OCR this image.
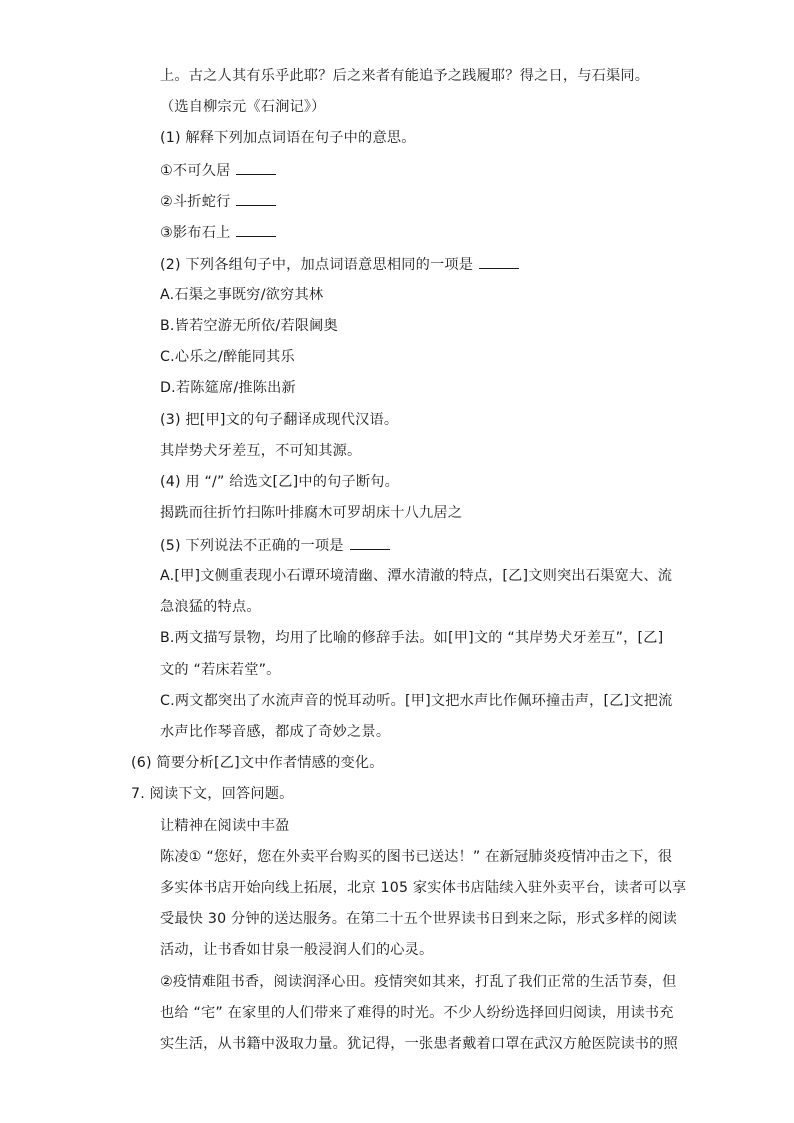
上。古之人其有乐乎此耶？后之来者有能追予之践履耶？得之日，与石渠同。
（选自柳宗元《石涧记》）
(1) 解释下列加点词语在句子中的意思。
①不可久居
②斗折蛇行
③影布石上
(2) 下列各组句子中，加点词语意思相同的一项是
A.石渠之事既穷/欲穷其林
B.皆若空游无所依/若限阃奥
C.心乐之/醉能同其乐
D.若陈筵席/推陈出新
(3) 把[甲]文的句子翻译成现代汉语。
其岸势犬牙差互，不可知其源。
(4) 用 “/” 给选文[乙]中的句子断句。
揭跣而往折竹扫陈叶排腐木可罗胡床十八九居之
(5) 下列说法不正确的一项是
A.[甲]文侧重表现小石谭环境清幽、潭水清澈的特点，[乙]文则突出石渠宽大、流
急浪猛的特点。
B.两文描写景物，均用了比喻的修辞手法。如[甲]文的 “其岸势犬牙差互”，[乙]
文的 “若床若堂”。
C.两文都突出了水流声音的悦耳动听。[甲]文把水声比作佩环撞击声，[乙]文把流
水声比作琴音感，都成了奇妙之景。
(6) 简要分析[乙]文中作者情感的变化。
7. 阅读下文，回答问题。
让精神在阅读中丰盈
陈凌① “您好，您在外卖平台购买的图书已送达！” 在新冠肺炎疫情冲击之下，很
多实体书店开始向线上拓展，北京 105 家实体书店陆续入驻外卖平台，读者可以享
受最快 30 分钟的送达服务。在第二十五个世界读书日到来之际，形式多样的阅读
活动，让书香如甘泉一般浸润人们的心灵。
②疫情难阻书香，阅读润泽心田。疫情突如其来，打乱了我们正常的生活节奏，但
也给 “宅” 在家里的人们带来了难得的时光。不少人纷纷选择回归阅读，用读书充
实生活，从书籍中汲取力量。犹记得，一张患者戴着口罩在武汉方舱医院读书的照
